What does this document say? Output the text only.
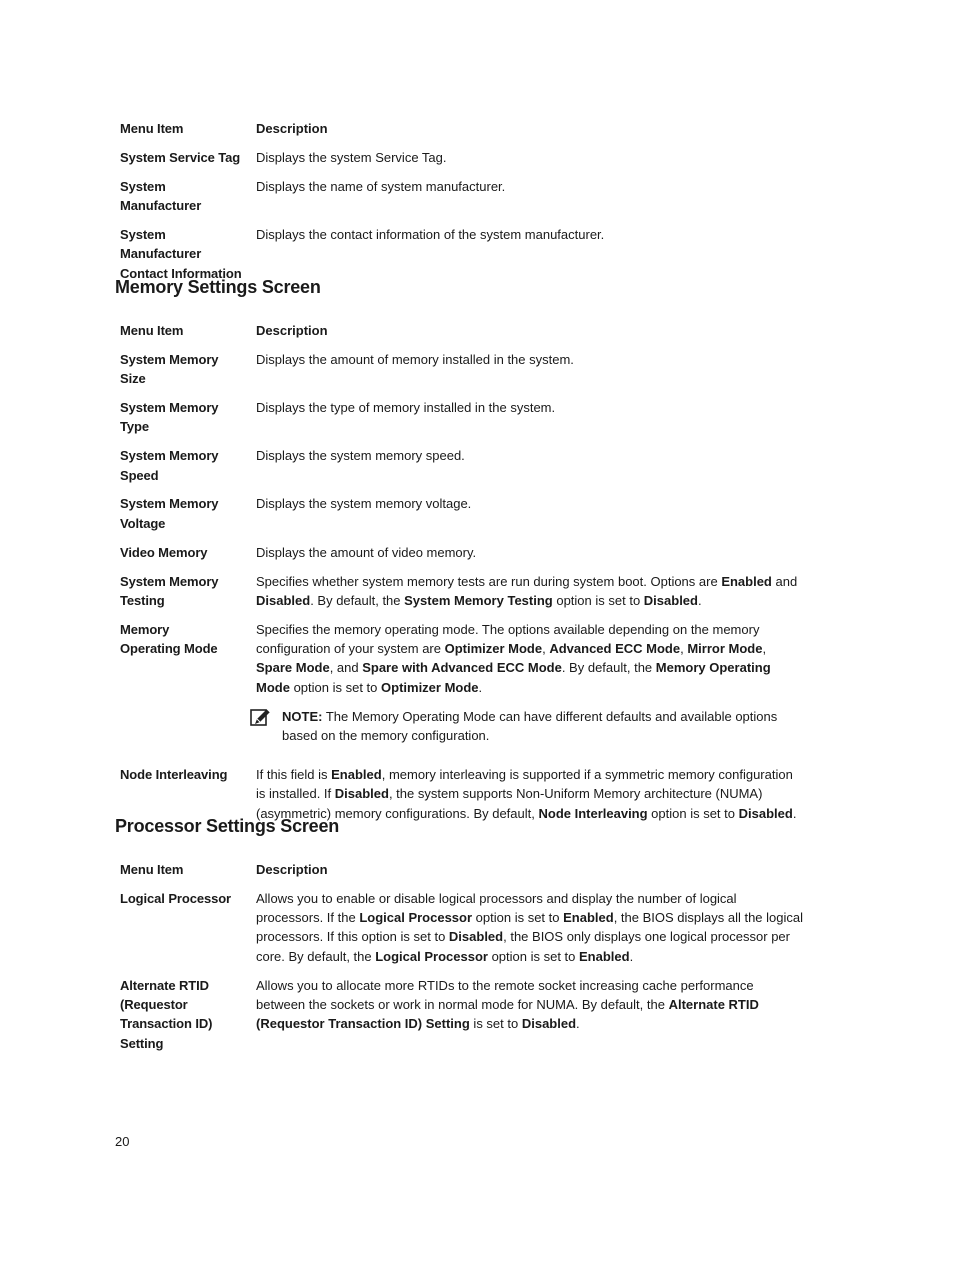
Menu Item	Description
System Service Tag	Displays the system Service Tag.
System Manufacturer	Displays the name of system manufacturer.
System Manufacturer Contact Information	Displays the contact information of the system manufacturer.
Memory Settings Screen
Menu Item	Description
System Memory Size	Displays the amount of memory installed in the system.
System Memory Type	Displays the type of memory installed in the system.
System Memory Speed	Displays the system memory speed.
System Memory Voltage	Displays the system memory voltage.
Video Memory	Displays the amount of video memory.
System Memory Testing	Specifies whether system memory tests are run during system boot. Options are Enabled and Disabled. By default, the System Memory Testing option is set to Disabled.
Memory Operating Mode	Specifies the memory operating mode. The options available depending on the memory configuration of your system are Optimizer Mode, Advanced ECC Mode, Mirror Mode, Spare Mode, and Spare with Advanced ECC Mode. By default, the Memory Operating Mode option is set to Optimizer Mode.
NOTE: The Memory Operating Mode can have different defaults and available options based on the memory configuration.

Node Interleaving	If this field is Enabled, memory interleaving is supported if a symmetric memory configuration is installed. If Disabled, the system supports Non-Uniform Memory architecture (NUMA) (asymmetric) memory configurations. By default, Node Interleaving option is set to Disabled.
Processor Settings Screen
Menu Item	Description
Logical Processor	Allows you to enable or disable logical processors and display the number of logical processors. If the Logical Processor option is set to Enabled, the BIOS displays all the logical processors. If this option is set to Disabled, the BIOS only displays one logical processor per core. By default, the Logical Processor option is set to Enabled.
Alternate RTID (Requestor Transaction ID) Setting	Allows you to allocate more RTIDs to the remote socket increasing cache performance between the sockets or work in normal mode for NUMA. By default, the Alternate RTID (Requestor Transaction ID) Setting is set to Disabled.
20
